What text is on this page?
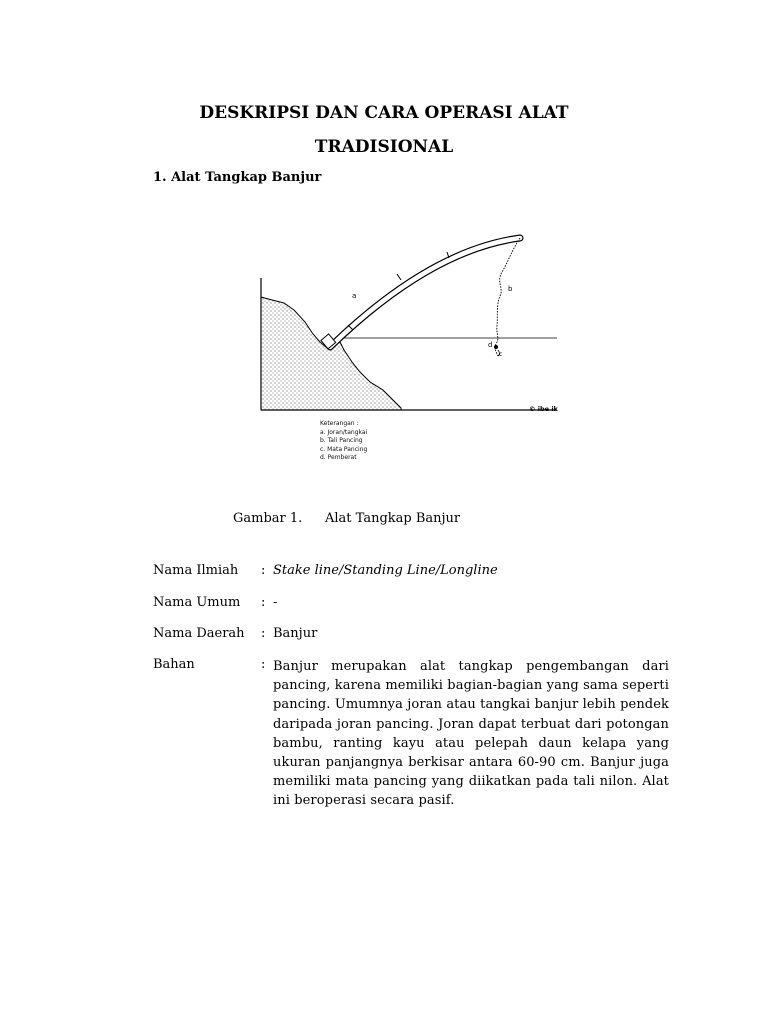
DESKRIPSI DAN CARA OPERASI ALAT
TRADISIONAL
1. Alat Tangkap Banjur
a
b
d
c
© ibe ik
Keterangan :
a. Joran/tangkai
b. Tali Pancing
c. Mata Pancing
d. Pemberat
Gambar 1. Alat Tangkap Banjur
Nama Ilmiah	: Stake line/Standing Line/Longline
Nama Umum	: -
Nama Daerah	: Banjur
Bahan	: Banjur merupakan alat tangkap pengembangan dari pancing, karena memiliki bagian-bagian yang sama seperti pancing. Umumnya joran atau tangkai banjur lebih pendek daripada joran pancing. Joran dapat terbuat dari potongan bambu, ranting kayu atau pelepah daun kelapa yang ukuran panjangnya berkisar antara 60-90 cm. Banjur juga memiliki mata pancing yang diikatkan pada tali nilon. Alat ini beroperasi secara pasif.
